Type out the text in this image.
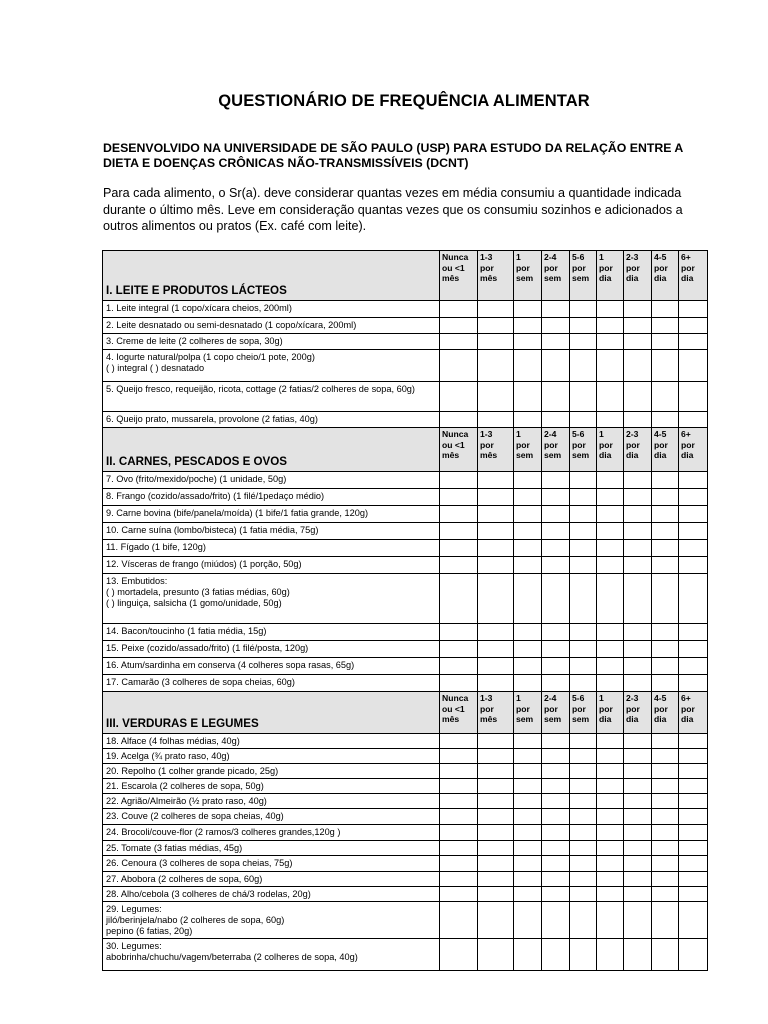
QUESTIONÁRIO DE FREQUÊNCIA ALIMENTAR
DESENVOLVIDO NA UNIVERSIDADE DE SÃO PAULO (USP) PARA ESTUDO DA RELAÇÃO ENTRE A DIETA E DOENÇAS CRÔNICAS NÃO-TRANSMISSÍVEIS (DCNT)
Para cada alimento, o Sr(a). deve considerar quantas vezes em média consumiu a quantidade indicada durante o último mês. Leve em consideração quantas vezes que os consumiu sozinhos e adicionados a outros alimentos ou pratos (Ex. café com leite).
I. LEITE E PRODUTOS LÁCTEOS	Nunca
ou <1
mês	1-3
por
mês	1
por
sem	2-4
por
sem	5-6
por
sem	1
por
dia	2-3
por
dia	4-5
por
dia	6+
por
dia

1. Leite integral (1 copo/xícara cheios, 200ml)									

2. Leite desnatado ou semi-desnatado (1 copo/xícara, 200ml)									

3. Creme de leite (2 colheres de sopa, 30g)									

4. Iogurte natural/polpa (1 copo cheio/1 pote, 200g)
( ) integral ( ) desnatado									

5. Queijo fresco, requeijão, ricota, cottage (2 fatias/2 colheres de sopa, 60g)									

6. Queijo prato, mussarela, provolone (2 fatias, 40g)									

II. CARNES, PESCADOS E OVOS	Nunca
ou <1
mês	1-3
por
mês	1
por
sem	2-4
por
sem	5-6
por
sem	1
por
dia	2-3
por
dia	4-5
por
dia	6+
por
dia

7. Ovo (frito/mexido/poche) (1 unidade, 50g)									

8. Frango (cozido/assado/frito) (1 filé/1pedaço médio)									

9. Carne bovina (bife/panela/moída) (1 bife/1 fatia grande, 120g)									

10. Carne suína (lombo/bisteca) (1 fatia média, 75g)									

11. Fígado (1 bife, 120g)									

12. Vísceras de frango (miúdos) (1 porção, 50g)									

13. Embutidos:
( ) mortadela, presunto (3 fatias médias, 60g)
( ) linguiça, salsicha (1 gomo/unidade, 50g)									

14. Bacon/toucinho (1 fatia média, 15g)									

15. Peixe (cozido/assado/frito) (1 filé/posta, 120g)									

16. Atum/sardinha em conserva (4 colheres sopa rasas, 65g)									

17. Camarão (3 colheres de sopa cheias, 60g)									

III. VERDURAS E LEGUMES	Nunca
ou <1
mês	1-3
por
mês	1
por
sem	2-4
por
sem	5-6
por
sem	1
por
dia	2-3
por
dia	4-5
por
dia	6+
por
dia

18. Alface (4 folhas médias, 40g)									

19. Acelga (¾ prato raso, 40g)									

20. Repolho (1 colher grande picado, 25g)									

21. Escarola (2 colheres de sopa, 50g)									

22. Agrião/Almeirão (½ prato raso, 40g)									

23. Couve (2 colheres de sopa cheias, 40g)									

24. Brocoli/couve-flor (2 ramos/3 colheres grandes,120g )									

25. Tomate (3 fatias médias, 45g)									

26. Cenoura (3 colheres de sopa cheias, 75g)									

27. Abobora (2 colheres de sopa, 60g)									

28. Alho/cebola (3 colheres de chá/3 rodelas, 20g)									

29. Legumes:
jiló/berinjela/nabo (2 colheres de sopa, 60g)
pepino (6 fatias, 20g)									

30. Legumes:
abobrinha/chuchu/vagem/beterraba (2 colheres de sopa, 40g)									
